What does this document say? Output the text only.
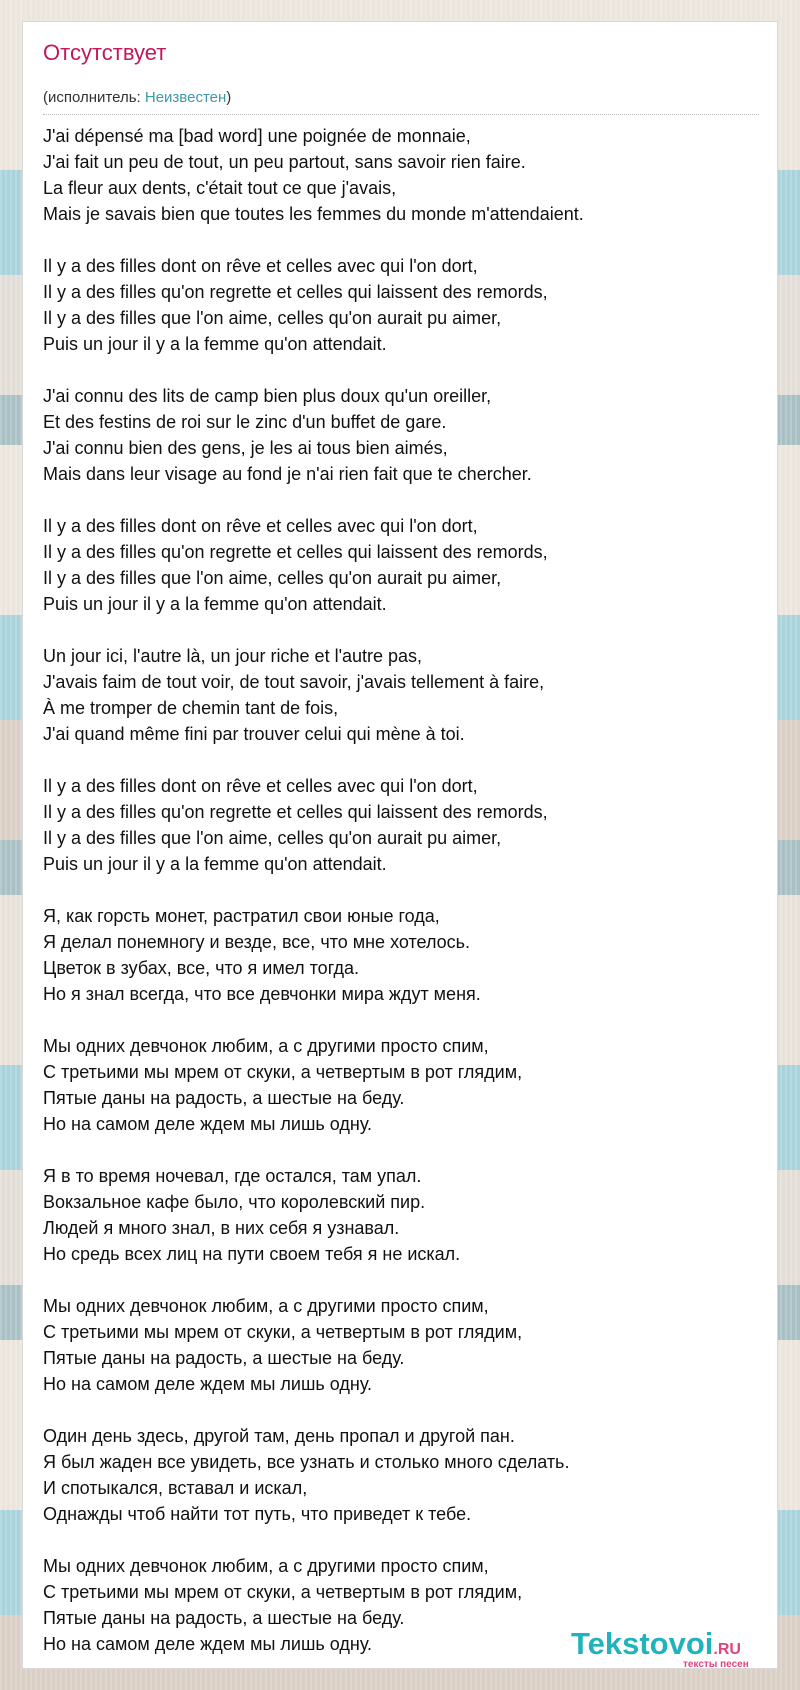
Отсутствует
(исполнитель: Неизвестен)
J'ai dépensé ma [bad word] une poignée de monnaie,
J'ai fait un peu de tout, un peu partout, sans savoir rien faire.
La fleur aux dents, c'était tout ce que j'avais,
Mais je savais bien que toutes les femmes du monde m'attendaient.
Il y a des filles dont on rêve et celles avec qui l'on dort,
Il y a des filles qu'on regrette et celles qui laissent des remords,
Il y a des filles que l'on aime, celles qu'on aurait pu aimer,
Puis un jour il y a la femme qu'on attendait.
J'ai connu des lits de camp bien plus doux qu'un oreiller,
Et des festins de roi sur le zinc d'un buffet de gare.
J'ai connu bien des gens, je les ai tous bien aimés,
Mais dans leur visage au fond je n'ai rien fait que te chercher.
Il y a des filles dont on rêve et celles avec qui l'on dort,
Il y a des filles qu'on regrette et celles qui laissent des remords,
Il y a des filles que l'on aime, celles qu'on aurait pu aimer,
Puis un jour il y a la femme qu'on attendait.
Un jour ici, l'autre là, un jour riche et l'autre pas,
J'avais faim de tout voir, de tout savoir, j'avais tellement à faire,
À me tromper de chemin tant de fois,
J'ai quand même fini par trouver celui qui mène à toi.
Il y a des filles dont on rêve et celles avec qui l'on dort,
Il y a des filles qu'on regrette et celles qui laissent des remords,
Il y a des filles que l'on aime, celles qu'on aurait pu aimer,
Puis un jour il y a la femme qu'on attendait.
Я, как горсть монет, растратил свои юные года,
Я делал понемногу и везде, все, что мне хотелось.
Цветок в зубах, все, что я имел тогда.
Но я знал всегда, что все девчонки мира ждут меня.
Мы одних девчонок любим, а с другими просто спим,
С третьими мы мрем от скуки, а четвертым в рот глядим,
Пятые даны на радость, а шестые на беду.
Но на самом деле ждем мы лишь одну.
Я в то время ночевал, где остался, там упал.
Вокзальное кафе было, что королевский пир.
Людей я много знал, в них себя я узнавал.
Но средь всех лиц на пути своем тебя я не искал.
Мы одних девчонок любим, а с другими просто спим,
С третьими мы мрем от скуки, а четвертым в рот глядим,
Пятые даны на радость, а шестые на беду.
Но на самом деле ждем мы лишь одну.
Один день здесь, другой там, день пропал и другой пан.
Я был жаден все увидеть, все узнать и столько много сделать.
И спотыкался, вставал и искал,
Однажды чтоб найти тот путь, что приведет к тебе.
Мы одних девчонок любим, а с другими просто спим,
С третьими мы мрем от скуки, а четвертым в рот глядим,
Пятые даны на радость, а шестые на беду.
Но на самом деле ждем мы лишь одну.	Tekstovoi.RU
тексты песен
